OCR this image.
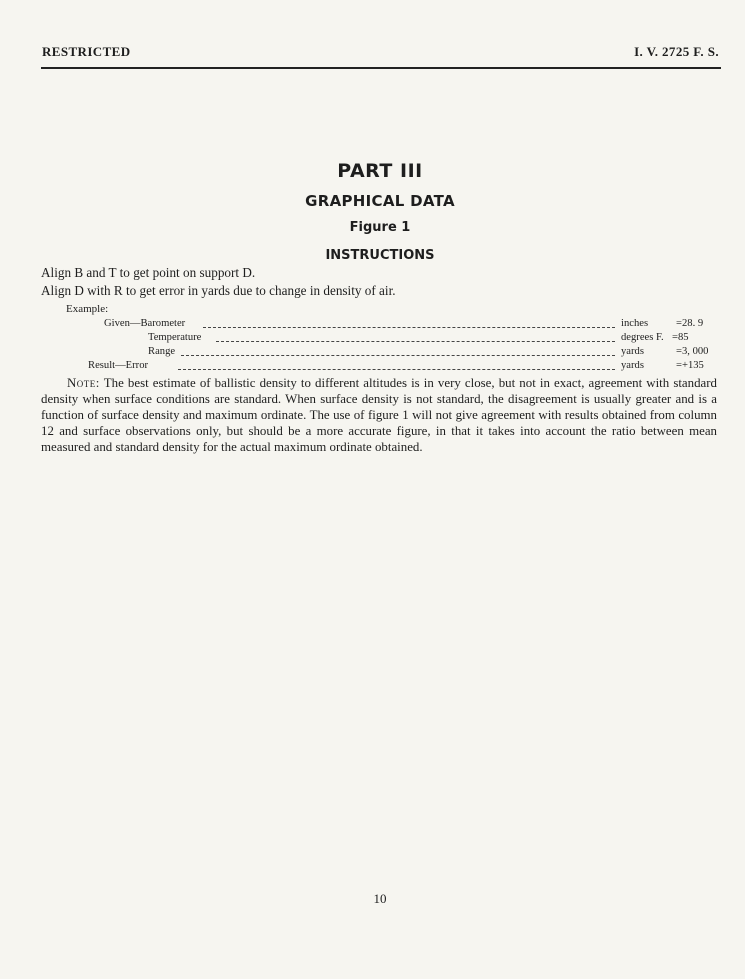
RESTRICTED	I. V. 2725 F. S.
PART III
GRAPHICAL DATA
Figure 1
INSTRUCTIONS
Align B and T to get point on support D.
Align D with R to get error in yards due to change in density of air.
Example:
Given—Barometer	inches	=28. 9
Temperature	degrees F. =85
Range	yards	=3, 000
Result—Error	yards	=+135
Note: The best estimate of ballistic density to different altitudes is in very close, but not in exact, agreement with standard density when surface conditions are standard. When surface density is not standard, the disagreement is usually greater and is a function of surface density and maximum ordinate. The use of figure 1 will not give agreement with results obtained from column 12 and surface observations only, but should be a more accurate figure, in that it takes into account the ratio between mean measured and standard density for the actual maximum ordinate obtained.
10
